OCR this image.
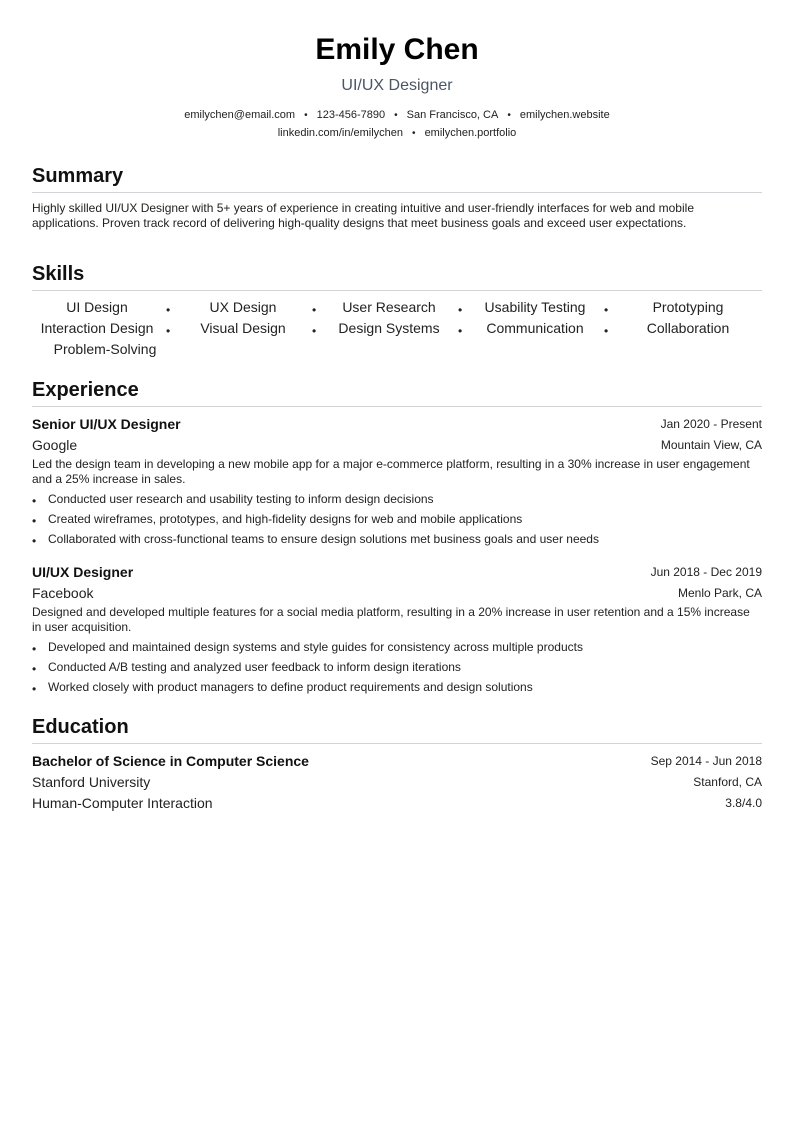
Emily Chen
UI/UX Designer
emilychen@email.com • 123-456-7890 • San Francisco, CA • emilychen.website
linkedin.com/in/emilychen • emilychen.portfolio
Summary
Highly skilled UI/UX Designer with 5+ years of experience in creating intuitive and user-friendly interfaces for web and mobile applications. Proven track record of delivering high-quality designs that meet business goals and exceed user expectations.
Skills
UI Design	•	UX Design	•	User Research	•	Usability Testing	•	Prototyping
Interaction Design	•	Visual Design	•	Design Systems	•	Communication	•	Collaboration
Problem-Solving
Experience
Senior UI/UX Designer	Jan 2020 - Present
Google	Mountain View, CA
Led the design team in developing a new mobile app for a major e-commerce platform, resulting in a 30% increase in user engagement and a 25% increase in sales.
• Conducted user research and usability testing to inform design decisions
• Created wireframes, prototypes, and high-fidelity designs for web and mobile applications
• Collaborated with cross-functional teams to ensure design solutions met business goals and user needs
UI/UX Designer	Jun 2018 - Dec 2019
Facebook	Menlo Park, CA
Designed and developed multiple features for a social media platform, resulting in a 20% increase in user retention and a 15% increase in user acquisition.
• Developed and maintained design systems and style guides for consistency across multiple products
• Conducted A/B testing and analyzed user feedback to inform design iterations
• Worked closely with product managers to define product requirements and design solutions
Education
Bachelor of Science in Computer Science	Sep 2014 - Jun 2018
Stanford University	Stanford, CA
Human-Computer Interaction	3.8/4.0
